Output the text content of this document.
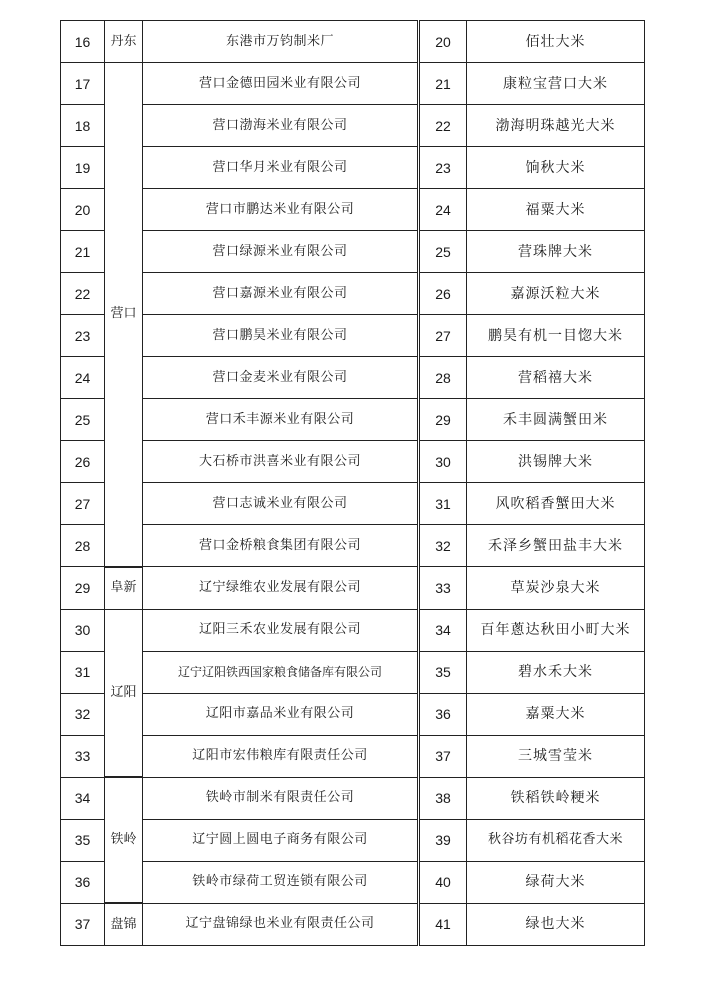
16	丹东	东港市万钧制米厂	20	佰壮大米
17	营口	营口金德田园米业有限公司	21	康粒宝营口大米
18		营口渤海米业有限公司	22	渤海明珠越光大米
19		营口华月米业有限公司	23	饷秋大米
20		营口市鹏达米业有限公司	24	福粟大米
21		营口绿源米业有限公司	25	营珠牌大米
22		营口嘉源米业有限公司	26	嘉源沃粒大米
23		营口鹏昊米业有限公司	27	鹏昊有机一目惚大米
24		营口金麦米业有限公司	28	营稻禧大米
25		营口禾丰源米业有限公司	29	禾丰圆满蟹田米
26		大石桥市洪喜米业有限公司	30	洪锡牌大米
27		营口志诚米业有限公司	31	风吹稻香蟹田大米
28		营口金桥粮食集团有限公司	32	禾泽乡蟹田盐丰大米
29	阜新	辽宁绿维农业发展有限公司	33	草炭沙泉大米
30	辽阳	辽阳三禾农业发展有限公司	34	百年蔥达秋田小町大米
31		辽宁辽阳铁西国家粮食储备库有限公司	35	碧水禾大米
32		辽阳市嘉品米业有限公司	36	嘉粟大米
33		辽阳市宏伟粮库有限责任公司	37	三城雪莹米
34	铁岭	铁岭市制米有限责任公司	38	铁稻铁岭粳米
35		辽宁圆上圆电子商务有限公司	39	秋谷坊有机稻花香大米
36		铁岭市绿荷工贸连锁有限公司	40	绿荷大米
37	盘锦	辽宁盘锦绿也米业有限责任公司	41	绿也大米
